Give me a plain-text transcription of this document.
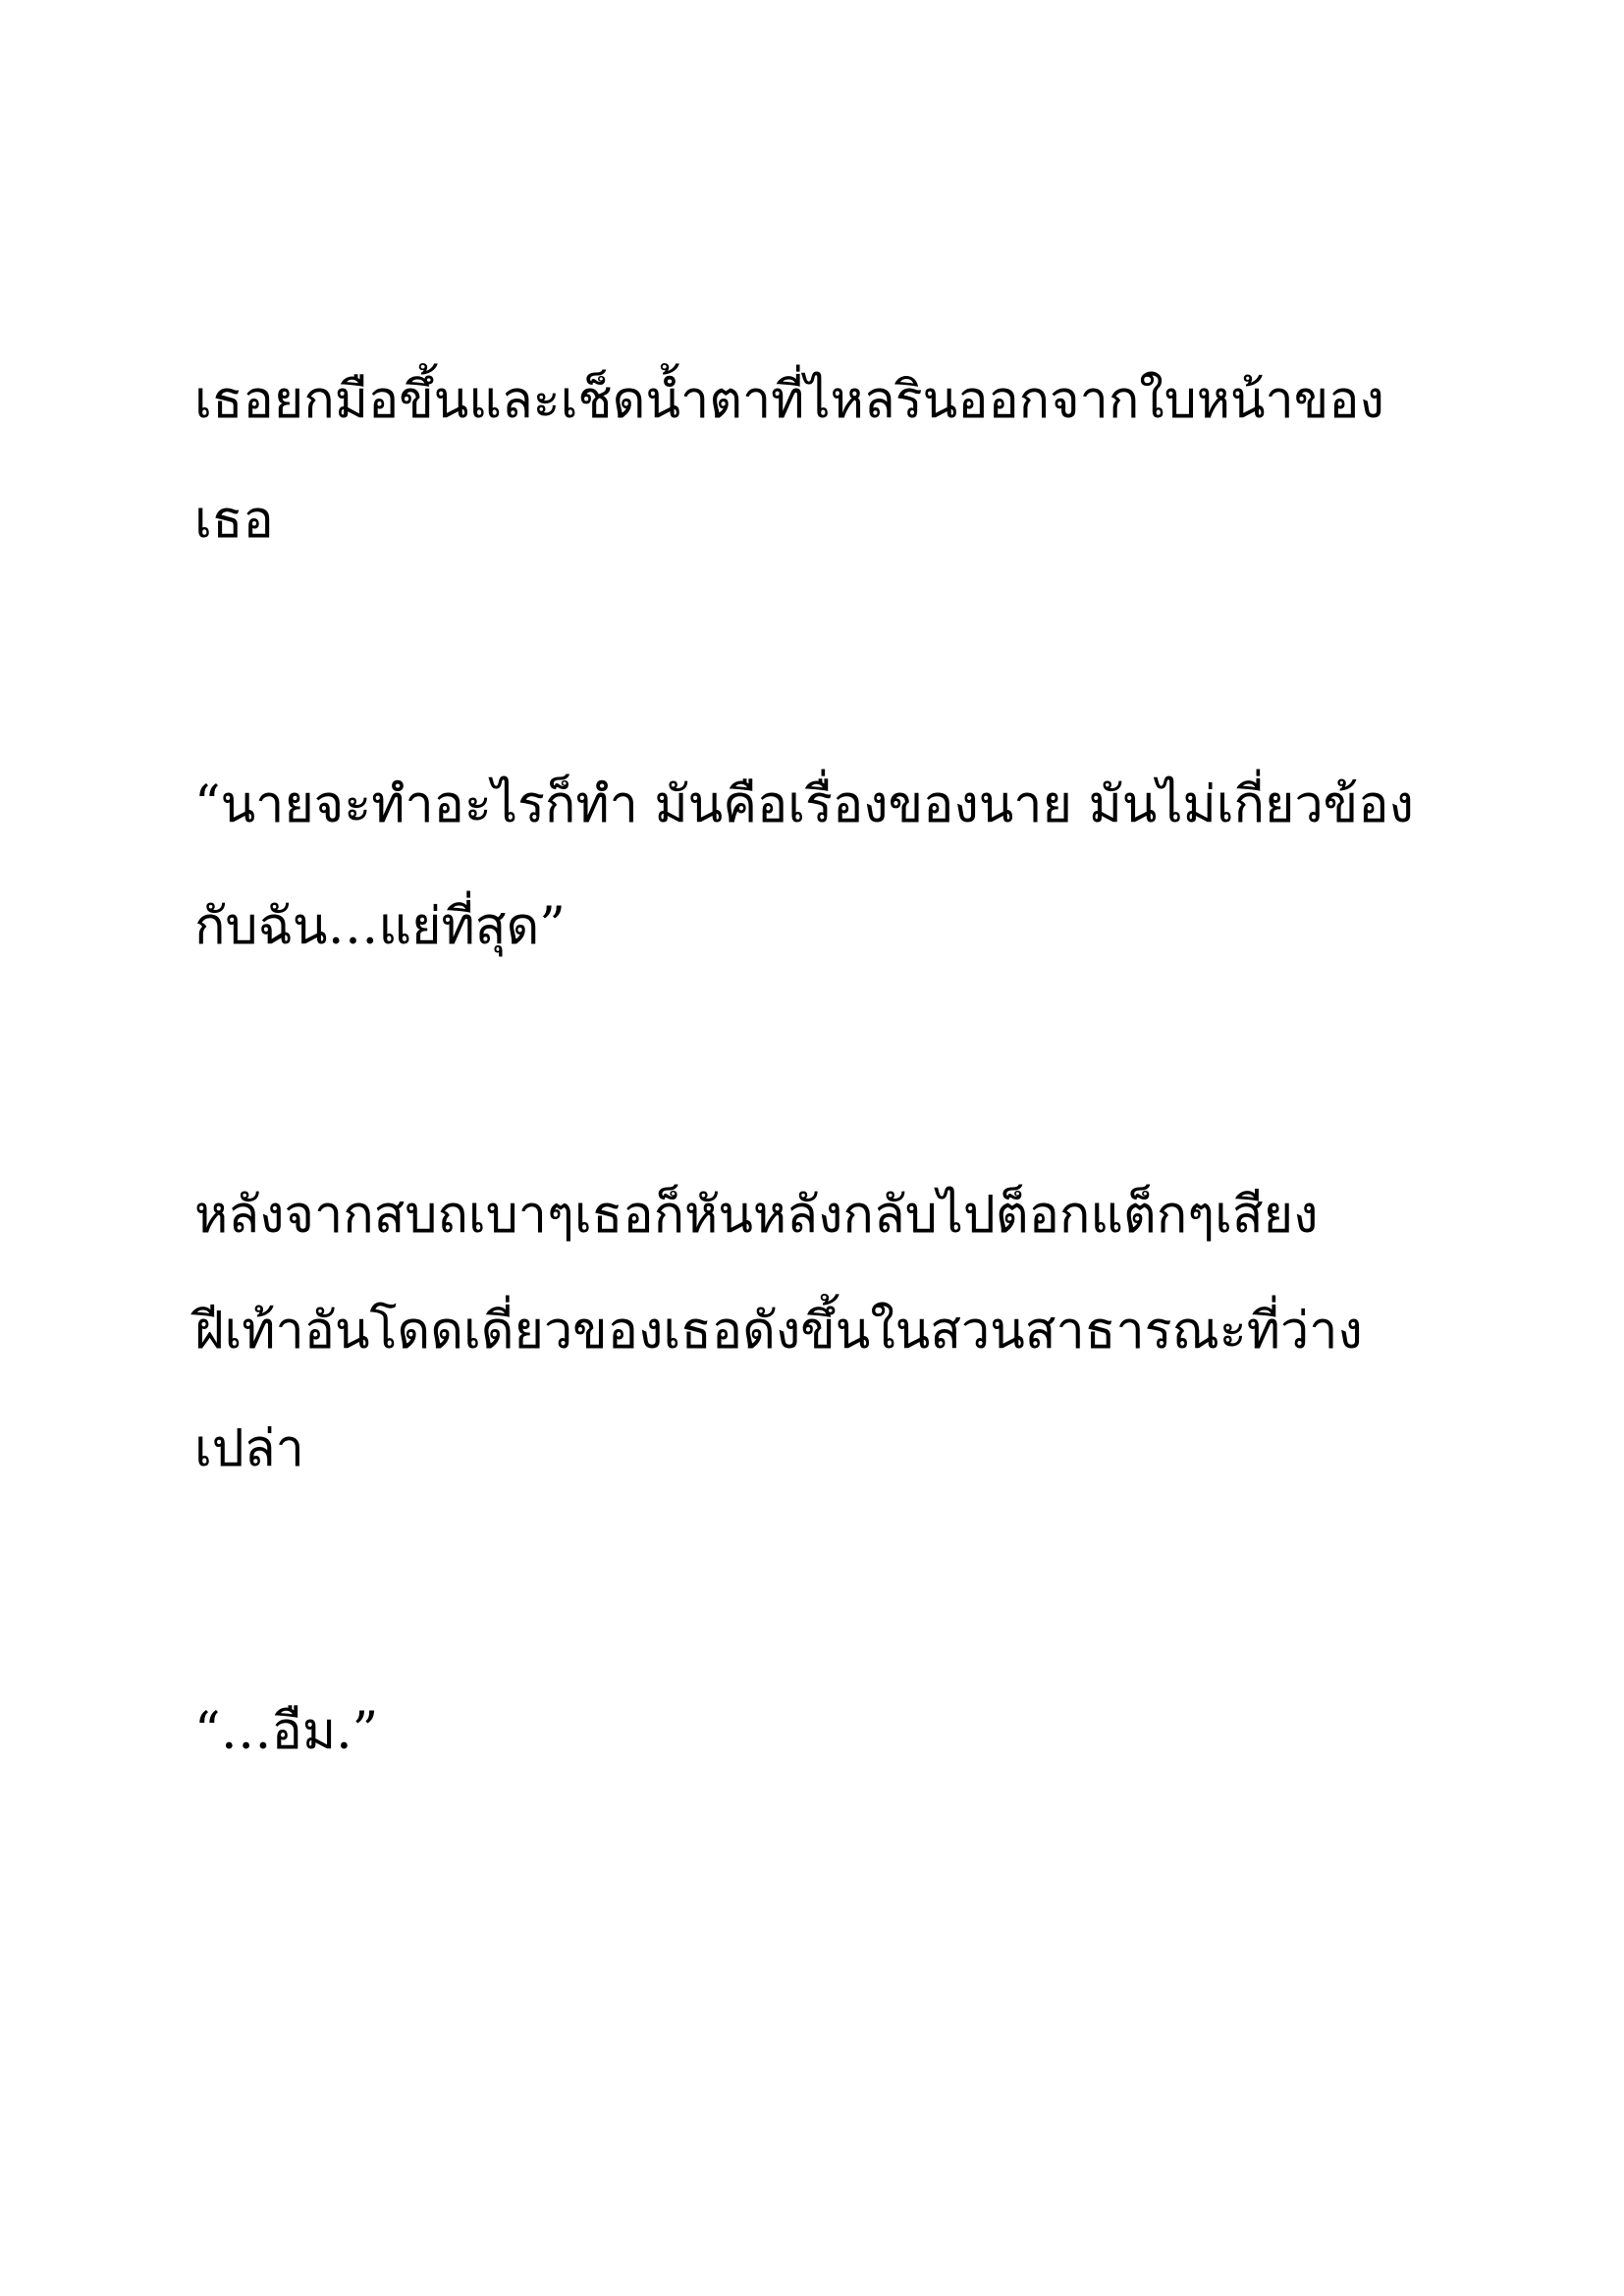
เธอยกมือขึ้นและเช็ดน้ำตาที่ไหลรินออกจากใบหน้าของ
เธอ
“นายจะทำอะไรก็ทำ มันคือเรื่องของนาย มันไม่เกี่ยวข้อง
กับฉัน…แย่ที่สุด”
หลังจากสบถเบาๆเธอก็หันหลังกลับไปต็อกแต็กๆเสียง
ฝีเท้าอันโดดเดี่ยวของเธอดังขึ้นในสวนสาธารณะที่ว่าง
เปล่า
“…อืม.”
